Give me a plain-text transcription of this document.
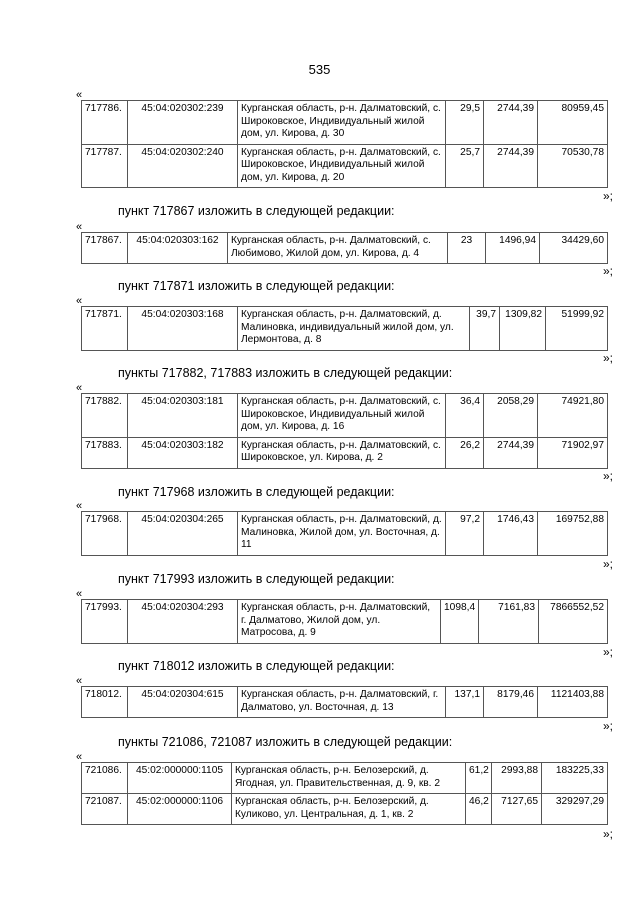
535
«
717786.	45:04:020302:239	Курганская область, р-н. Далматовский, с. Широковское, Индивидуальный жилой дом, ул. Кирова, д. 30	29,5	2744,39	80959,45
717787.	45:04:020302:240	Курганская область, р-н. Далматовский, с. Широковское, Индивидуальный жилой дом, ул. Кирова, д. 20	25,7	2744,39	70530,78
»;
пункт 717867 изложить в следующей редакции:
«
717867.	45:04:020303:162	Курганская область, р-н. Далматовский, с. Любимово, Жилой дом, ул. Кирова, д. 4	23	1496,94	34429,60
»;
пункт 717871 изложить в следующей редакции:
«
717871.	45:04:020303:168	Курганская область, р-н. Далматовский, д. Малиновка, индивидуальный жилой дом, ул. Лермонтова, д. 8	39,7	1309,82	51999,92
»;
пункты 717882, 717883 изложить в следующей редакции:
«
717882.	45:04:020303:181	Курганская область, р-н. Далматовский, с. Широковское, Индивидуальный жилой дом, ул. Кирова, д. 16	36,4	2058,29	74921,80
717883.	45:04:020303:182	Курганская область, р-н. Далматовский, с. Широковское, ул. Кирова, д. 2	26,2	2744,39	71902,97
»;
пункт 717968 изложить в следующей редакции:
«
717968.	45:04:020304:265	Курганская область, р-н. Далматовский, д. Малиновка, Жилой дом, ул. Восточная, д. 11	97,2	1746,43	169752,88
»;
пункт 717993 изложить в следующей редакции:
«
717993.	45:04:020304:293	Курганская область, р-н. Далматовский, г. Далматово, Жилой дом, ул. Матросова, д. 9	1098,4	7161,83	7866552,52
»;
пункт 718012 изложить в следующей редакции:
«
718012.	45:04:020304:615	Курганская область, р-н. Далматовский, г. Далматово, ул. Восточная, д. 13	137,1	8179,46	1121403,88
»;
пункты 721086, 721087 изложить в следующей редакции:
«
721086.	45:02:000000:1105	Курганская область, р-н. Белозерский, д. Ягодная, ул. Правительственная, д. 9, кв. 2	61,2	2993,88	183225,33
721087.	45:02:000000:1106	Курганская область, р-н. Белозерский, д. Куликово, ул. Центральная, д. 1, кв. 2	46,2	7127,65	329297,29
»;
